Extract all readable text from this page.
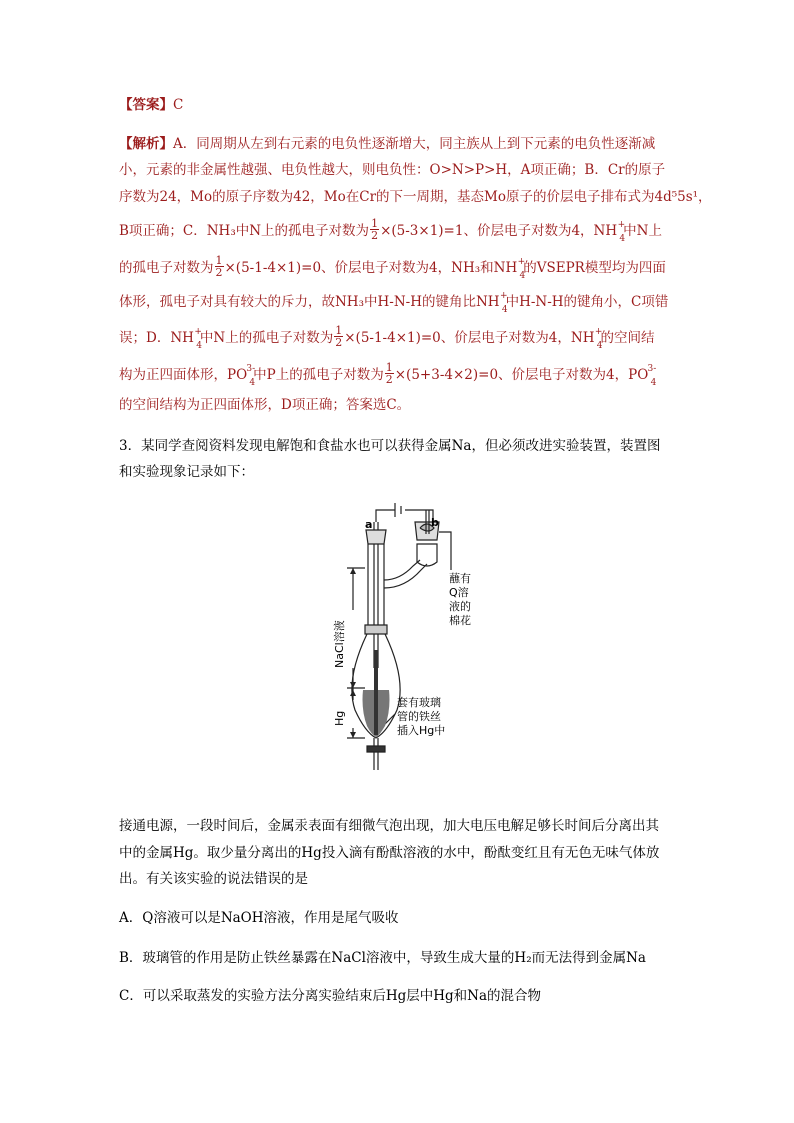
【答案】C
【解析】A．同周期从左到右元素的电负性逐渐增大，同主族从上到下元素的电负性逐渐减
小，元素的非金属性越强、电负性越大，则电负性：O>N>P>H，A项正确；B．Cr的原子
序数为24，Mo的原子序数为42，Mo在Cr的下一周期，基态Mo原子的价层电子排布式为4d⁵5s¹，
B项正确；C．NH₃中N上的孤电子对数为 $\frac{1}{2} \times(5-3\times 1)=1$、价层电子对数为4，NH +
4
中N上
的孤电子对数为 $\frac{1}{2} \times(5-1-4\times 1)=0$、价层电子对数为4，NH₃和NH +
4
的VSEPR模型均为四面
体形，孤电子对具有较大的斥力，故NH₃中H-N-H的键角比NH +
4
中H-N-H的键角小，C项错
误；D．NH +
4
中N上的孤电子对数为 $\frac{1}{2} \times(5-1-4\times 1)=0$、价层电子对数为4，NH +
4
的空间结
构为正四面体形，PO 3-
4
中P上的孤电子对数为 $\frac{1}{2} \times(5+3-4\times 2)=0$、价层电子对数为4，PO 3-
4
的空间结构为正四面体形，D项正确；答案选C。
3．某同学查阅资料发现电解饱和食盐水也可以获得金属Na，但必须改进实验装置，装置图
和实验现象记录如下：
a	b
NaCl溶液
Hg
蘸有
Q溶
液的
棉花
套有玻璃
管的铁丝
插入Hg中
接通电源，一段时间后，金属汞表面有细微气泡出现，加大电压电解足够长时间后分离出其
中的金属Hg。取少量分离出的Hg投入滴有酚酞溶液的水中，酚酞变红且有无色无味气体放
出。有关该实验的说法错误的是
A．Q溶液可以是NaOH溶液，作用是尾气吸收
B．玻璃管的作用是防止铁丝暴露在NaCl溶液中，导致生成大量的H₂而无法得到金属Na
C．可以采取蒸发的实验方法分离实验结束后Hg层中Hg和Na的混合物
